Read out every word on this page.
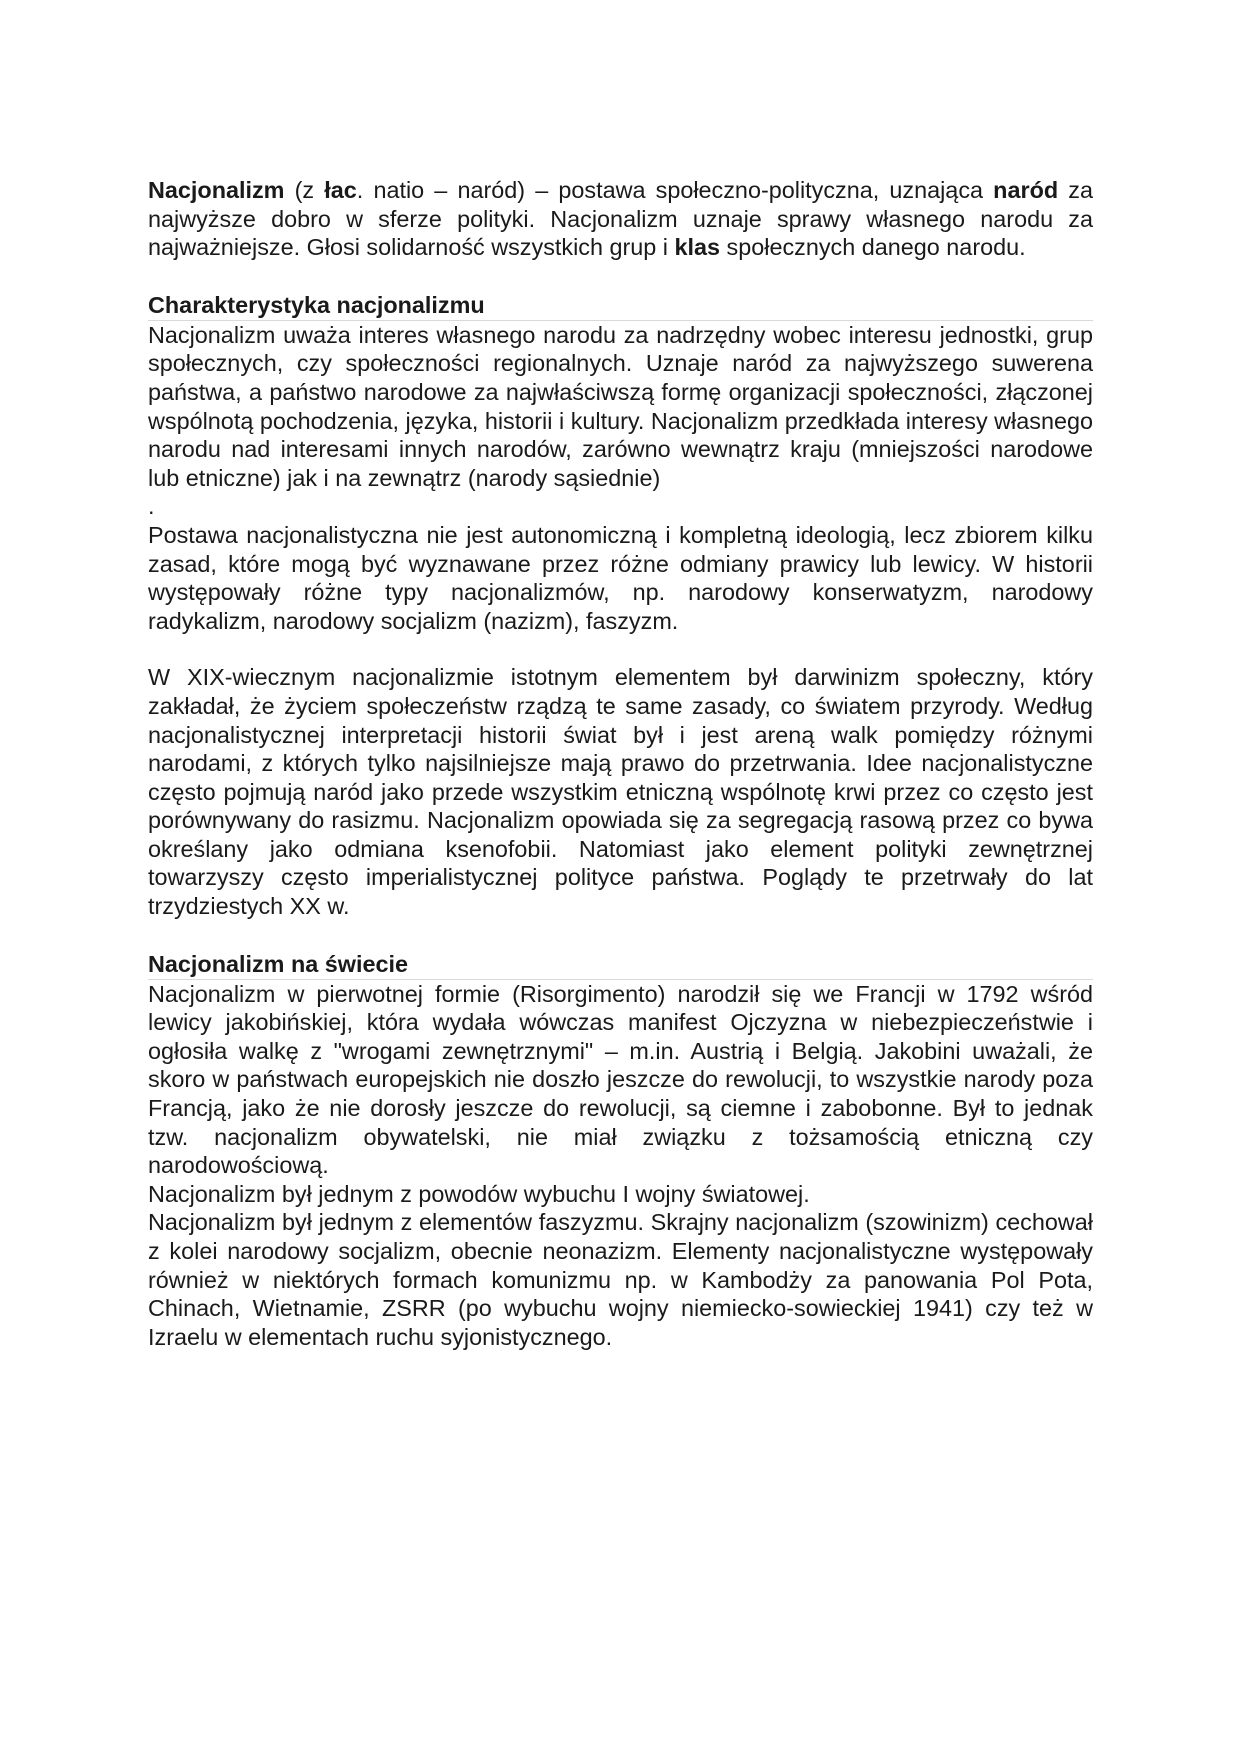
Nacjonalizm (z łac. natio – naród) – postawa społeczno-polityczna, uznająca naród za najwyższe dobro w sferze polityki. Nacjonalizm uznaje sprawy własnego narodu za najważniejsze. Głosi solidarność wszystkich grup i klas społecznych danego narodu.

Charakterystyka nacjonalizmu

Nacjonalizm uważa interes własnego narodu za nadrzędny wobec interesu jednostki, grup społecznych, czy społeczności regionalnych. Uznaje naród za najwyższego suwerena państwa, a państwo narodowe za najwłaściwszą formę organizacji społeczności, złączonej wspólnotą pochodzenia, języka, historii i kultury. Nacjonalizm przedkłada interesy własnego narodu nad interesami innych narodów, zarówno wewnątrz kraju (mniejszości narodowe lub etniczne) jak i na zewnątrz (narody sąsiednie)

.

Postawa nacjonalistyczna nie jest autonomiczną i kompletną ideologią, lecz zbiorem kilku zasad, które mogą być wyznawane przez różne odmiany prawicy lub lewicy. W historii występowały różne typy nacjonalizmów, np. narodowy konserwatyzm, narodowy radykalizm, narodowy socjalizm (nazizm), faszyzm.

W XIX-wiecznym nacjonalizmie istotnym elementem był darwinizm społeczny, który zakładał, że życiem społeczeństw rządzą te same zasady, co światem przyrody. Według nacjonalistycznej interpretacji historii świat był i jest areną walk pomiędzy różnymi narodami, z których tylko najsilniejsze mają prawo do przetrwania. Idee nacjonalistyczne często pojmują naród jako przede wszystkim etniczną wspólnotę krwi przez co często jest porównywany do rasizmu. Nacjonalizm opowiada się za segregacją rasową przez co bywa określany jako odmiana ksenofobii. Natomiast jako element polityki zewnętrznej towarzyszy często imperialistycznej polityce państwa. Poglądy te przetrwały do lat trzydziestych XX w.

Nacjonalizm na świecie

Nacjonalizm w pierwotnej formie (Risorgimento) narodził się we Francji w 1792 wśród lewicy jakobińskiej, która wydała wówczas manifest Ojczyzna w niebezpieczeństwie i ogłosiła walkę z "wrogami zewnętrznymi" – m.in. Austrią i Belgią. Jakobini uważali, że skoro w państwach europejskich nie doszło jeszcze do rewolucji, to wszystkie narody poza Francją, jako że nie dorosły jeszcze do rewolucji, są ciemne i zabobonne. Był to jednak tzw. nacjonalizm obywatelski, nie miał związku z tożsamością etniczną czy narodowościową.

Nacjonalizm był jednym z powodów wybuchu I wojny światowej.

Nacjonalizm był jednym z elementów faszyzmu. Skrajny nacjonalizm (szowinizm) cechował z kolei narodowy socjalizm, obecnie neonazizm. Elementy nacjonalistyczne występowały również w niektórych formach komunizmu np. w Kambodży za panowania Pol Pota, Chinach, Wietnamie, ZSRR (po wybuchu wojny niemiecko-sowieckiej 1941) czy też w Izraelu w elementach ruchu syjonistycznego.
